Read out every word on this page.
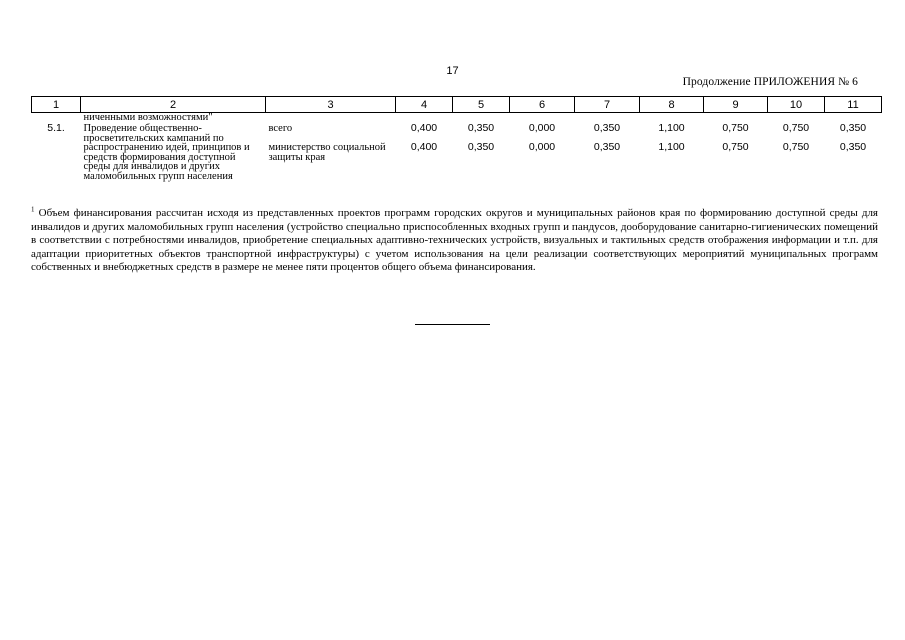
17
Продолжение ПРИЛОЖЕНИЯ № 6
1	2	3	4	5	6	7	8	9	10	11
	ниченными возможностями"									
5.1.	Проведение общественно-просветительских кампаний по распространению идей, принципов и средств формирования доступной среды для инвалидов и других маломобильных групп населения	всего	0,400	0,350	0,000	0,350	1,100	0,750	0,750	0,350
		министерство социальной защиты края	0,400	0,350	0,000	0,350	1,100	0,750	0,750	0,350
$^1$ Объем финансирования рассчитан исходя из представленных проектов программ городских округов и муниципальных районов края по формированию доступной среды для инвалидов и других маломобильных групп населения (устройство специально приспособленных входных групп и пандусов, дооборудование санитарно-гигиенических помещений в соответствии с потребностями инвалидов, приобретение специальных адаптивно-технических устройств, визуальных и тактильных средств отображения информации и т.п. для адаптации приоритетных объектов транспортной инфраструктуры) с учетом использования на цели реализации соответствующих мероприятий муниципальных программ собственных и внебюджетных средств в размере не менее пяти процентов общего объема финансирования.
